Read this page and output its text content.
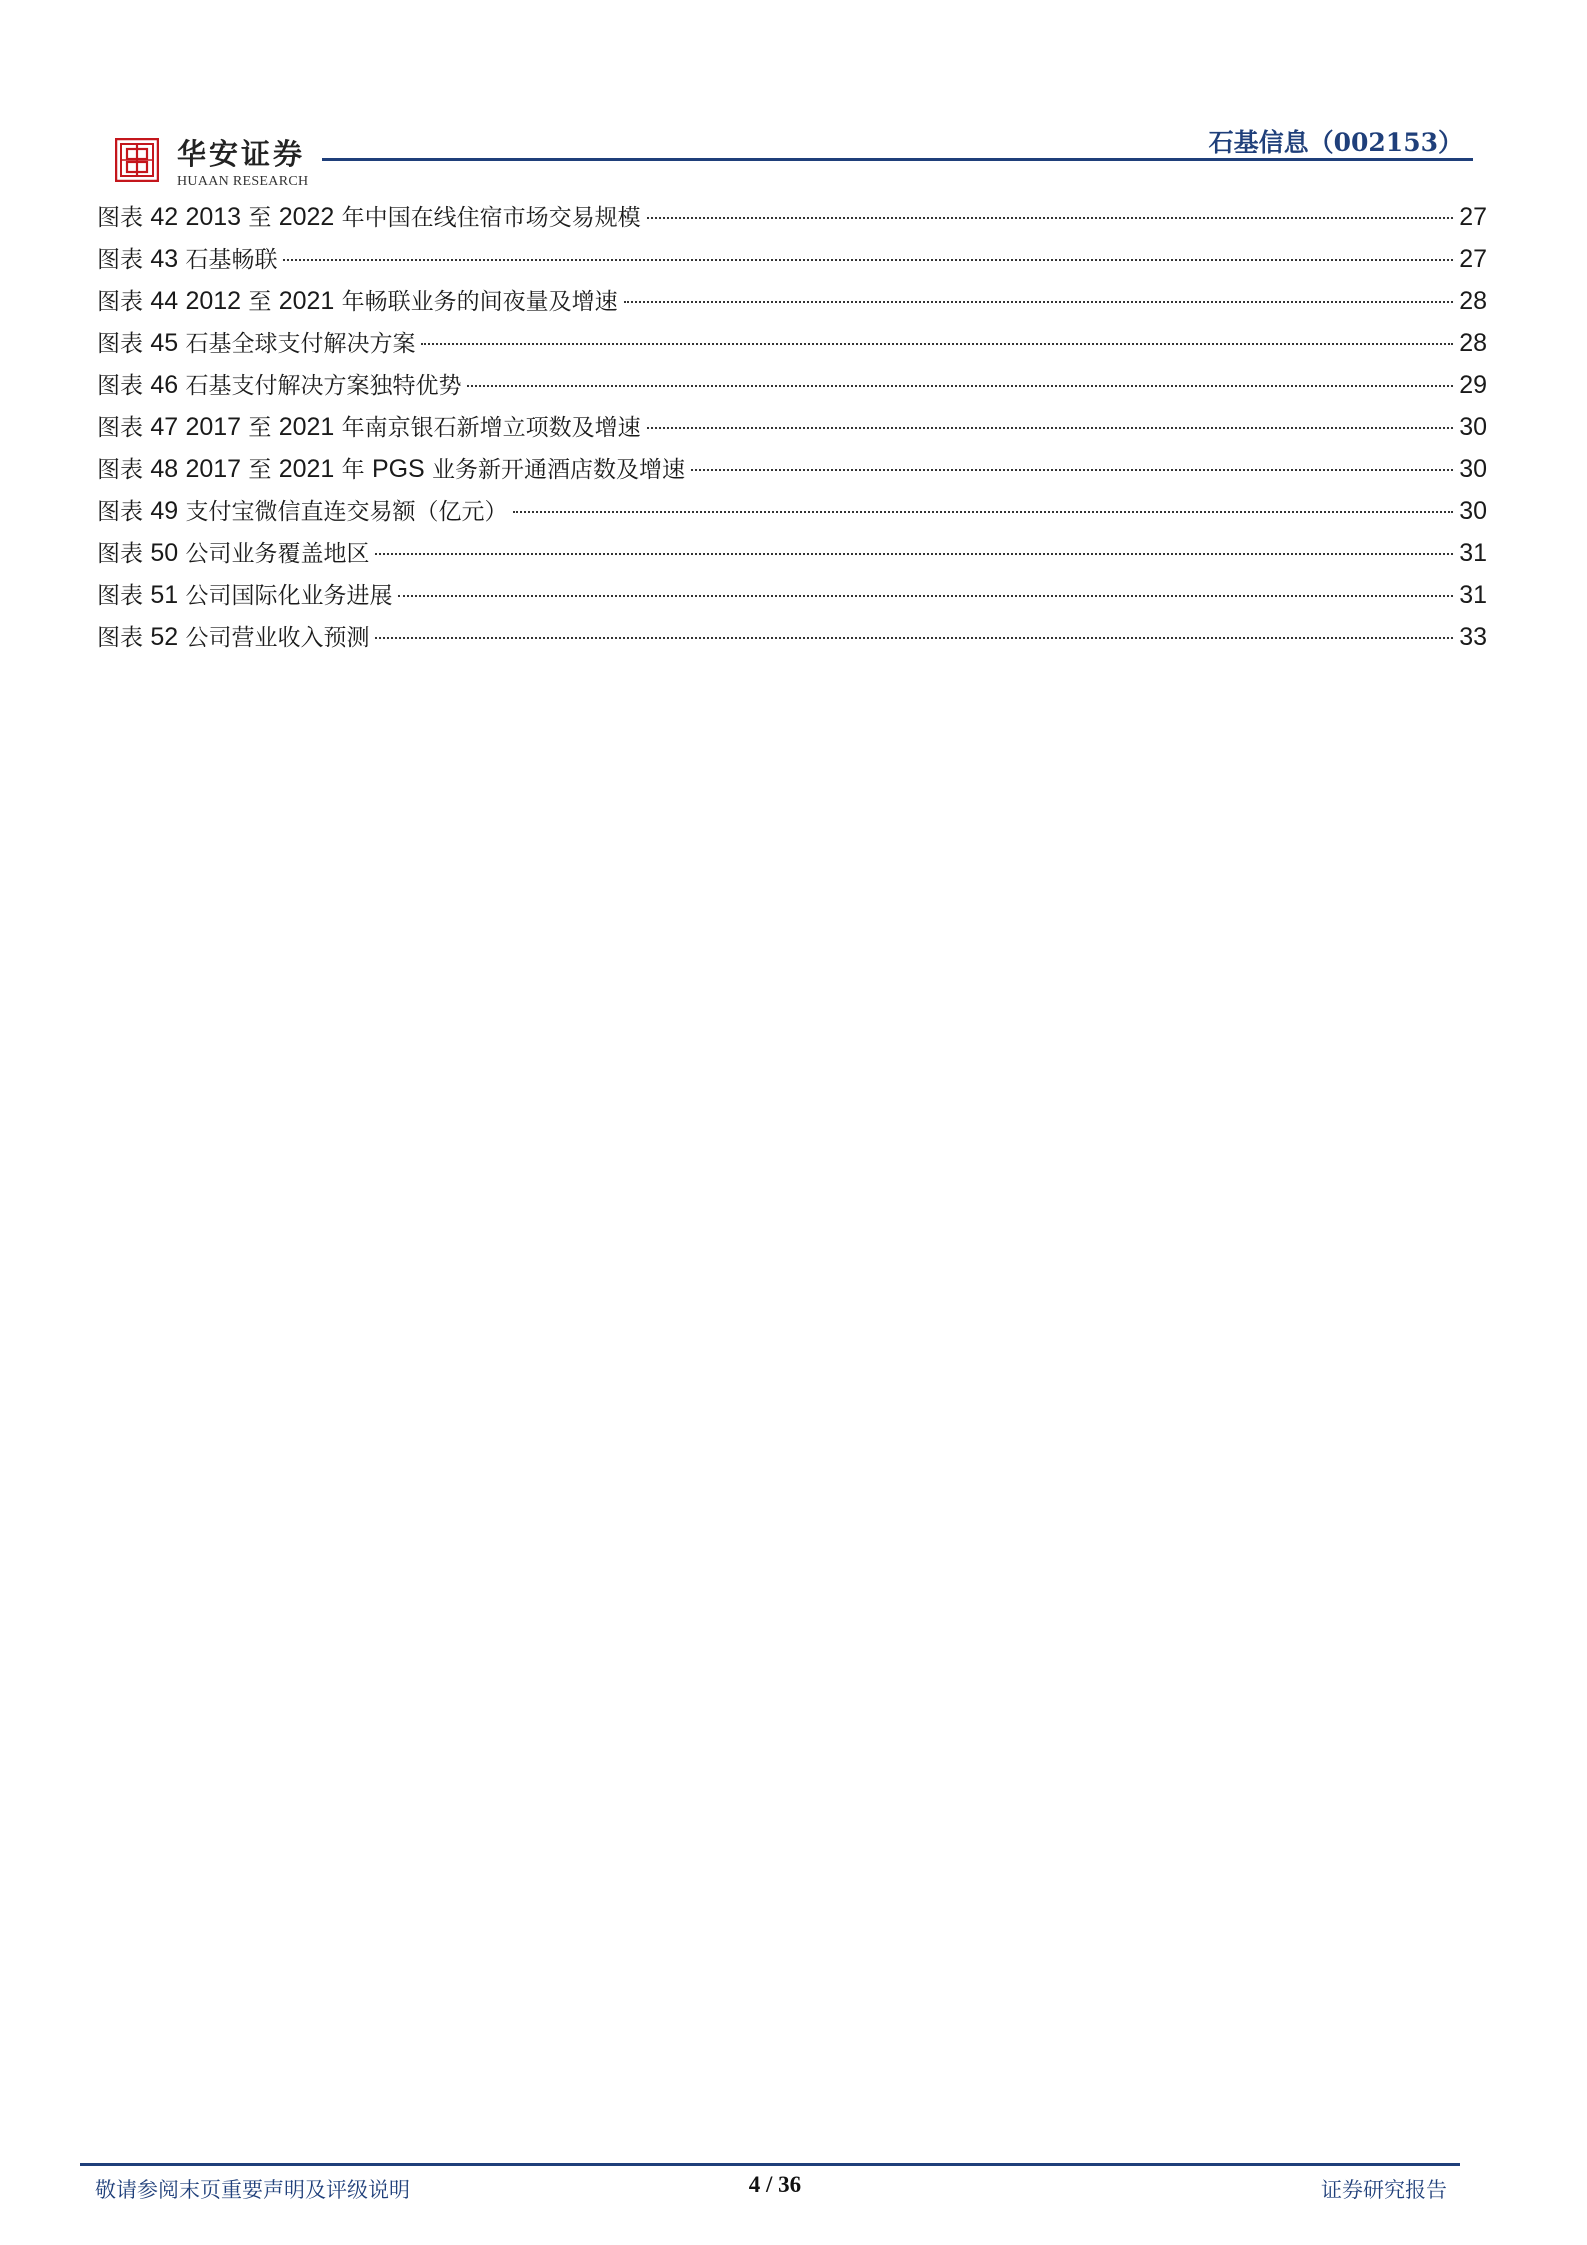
华安证券
HUAAN RESEARCH
石基信息（002153）
图表 42 2013 至 2022 年中国在线住宿市场交易规模	27
图表 43 石基畅联	27
图表 44 2012 至 2021 年畅联业务的间夜量及增速	28
图表 45 石基全球支付解决方案	28
图表 46 石基支付解决方案独特优势	29
图表 47 2017 至 2021 年南京银石新增立项数及增速	30
图表 48 2017 至 2021 年 PGS 业务新开通酒店数及增速	30
图表 49 支付宝微信直连交易额（亿元）	30
图表 50 公司业务覆盖地区	31
图表 51 公司国际化业务进展	31
图表 52 公司营业收入预测	33
敬请参阅末页重要声明及评级说明	4 / 36	证券研究报告
